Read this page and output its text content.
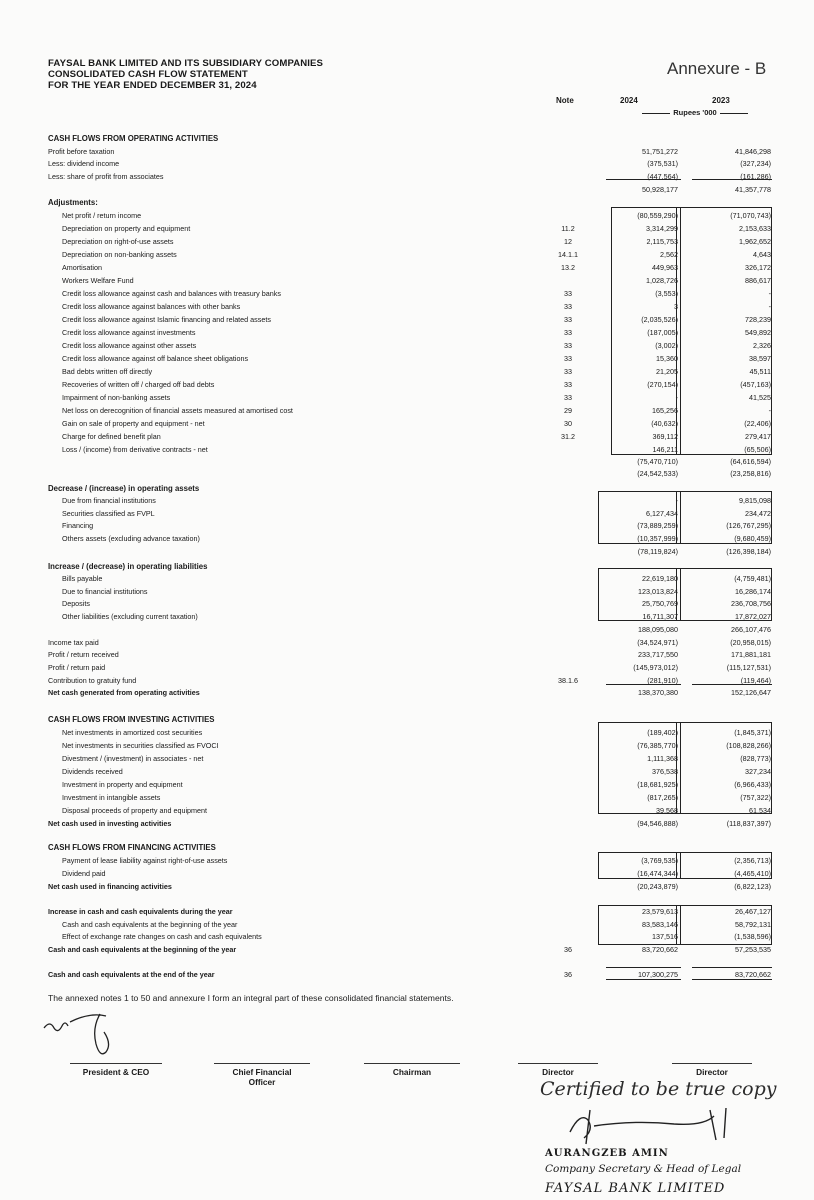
FAYSAL BANK LIMITED AND ITS SUBSIDIARY COMPANIES
CONSOLIDATED CASH FLOW STATEMENT
FOR THE YEAR ENDED DECEMBER 31, 2024
Annexure - B
Note	2024	2023
Rupees '000
CASH FLOWS FROM OPERATING ACTIVITIES
Profit before taxation	51,751,272	41,846,298
Less: dividend income	(375,531)	(327,234)
Less: share of profit from associates	(447,564)	(161,286)
50,928,177	41,357,778
Adjustments:
Net profit / return income	(80,559,290)	(71,070,743)
Depreciation on property and equipment	11.2	3,314,299	2,153,633
Depreciation on right-of-use assets	12	2,115,753	1,962,652
Depreciation on non-banking assets	14.1.1	2,562	4,643
Amortisation	13.2	449,963	326,172
Workers Welfare Fund	1,028,726	886,617
Credit loss allowance against cash and balances with treasury banks	33	(3,553)	-
Credit loss allowance against balances with other banks	33	3	-
Credit loss allowance against Islamic financing and related assets	33	(2,035,526)	728,239
Credit loss allowance against investments	33	(187,005)	549,892
Credit loss allowance against other assets	33	(3,002)	2,326
Credit loss allowance against off balance sheet obligations	33	15,360	38,597
Bad debts written off directly	33	21,205	45,511
Recoveries of written off / charged off bad debts	33	(270,154)	(457,163)
Impairment of non-banking assets	33	-	41,525
Net loss on derecognition of financial assets measured at amortised cost	29	165,256	-
Gain on sale of property and equipment - net	30	(40,632)	(22,406)
Charge for defined benefit plan	31.2	369,112	279,417
Loss / (income) from derivative contracts - net	146,211	(65,506)
(75,470,710)	(64,616,594)
(24,542,533)	(23,258,816)
Decrease / (increase) in operating assets
Due from financial institutions	-	9,815,098
Securities classified as FVPL	6,127,434	234,472
Financing	(73,889,259)	(126,767,295)
Others assets (excluding advance taxation)	(10,357,999)	(9,680,459)
(78,119,824)	(126,398,184)
Increase / (decrease) in operating liabilities
Bills payable	22,619,180	(4,759,481)
Due to financial institutions	123,013,824	16,286,174
Deposits	25,750,769	236,708,756
Other liabilities (excluding current taxation)	16,711,307	17,872,027
188,095,080	266,107,476
Income tax paid	(34,524,971)	(20,958,015)
Profit / return received	233,717,550	171,881,181
Profit / return paid	(145,973,012)	(115,127,531)
Contribution to gratuity fund	38.1.6	(281,910)	(119,464)
Net cash generated from operating activities	138,370,380	152,126,647
CASH FLOWS FROM INVESTING ACTIVITIES
Net investments in amortized cost securities	(189,402)	(1,845,371)
Net investments in securities classified as FVOCI	(76,385,770)	(108,828,266)
Divestment / (investment) in associates - net	1,111,368	(828,773)
Dividends received	376,538	327,234
Investment in property and equipment	(18,681,925)	(6,966,433)
Investment in intangible assets	(817,265)	(757,322)
Disposal proceeds of property and equipment	39,568	61,534
Net cash used in investing activities	(94,546,888)	(118,837,397)
CASH FLOWS FROM FINANCING ACTIVITIES
Payment of lease liability against right-of-use assets	(3,769,535)	(2,356,713)
Dividend paid	(16,474,344)	(4,465,410)
Net cash used in financing activities	(20,243,879)	(6,822,123)
Increase in cash and cash equivalents during the year	23,579,613	26,467,127
Cash and cash equivalents at the beginning of the year	83,583,146	58,792,131
Effect of exchange rate changes on cash and cash equivalents	137,516	(1,538,596)
Cash and cash equivalents at the beginning of the year	36	83,720,662	57,253,535
Cash and cash equivalents at the end of the year	36	107,300,275	83,720,662
The annexed notes 1 to 50 and annexure I form an integral part of these consolidated financial statements.
President & CEO	Chief Financial
Officer
Chairman	Director	Director
Certified to be true copy
AURANGZEB AMIN
Company Secretary & Head of Legal
FAYSAL BANK LIMITED
